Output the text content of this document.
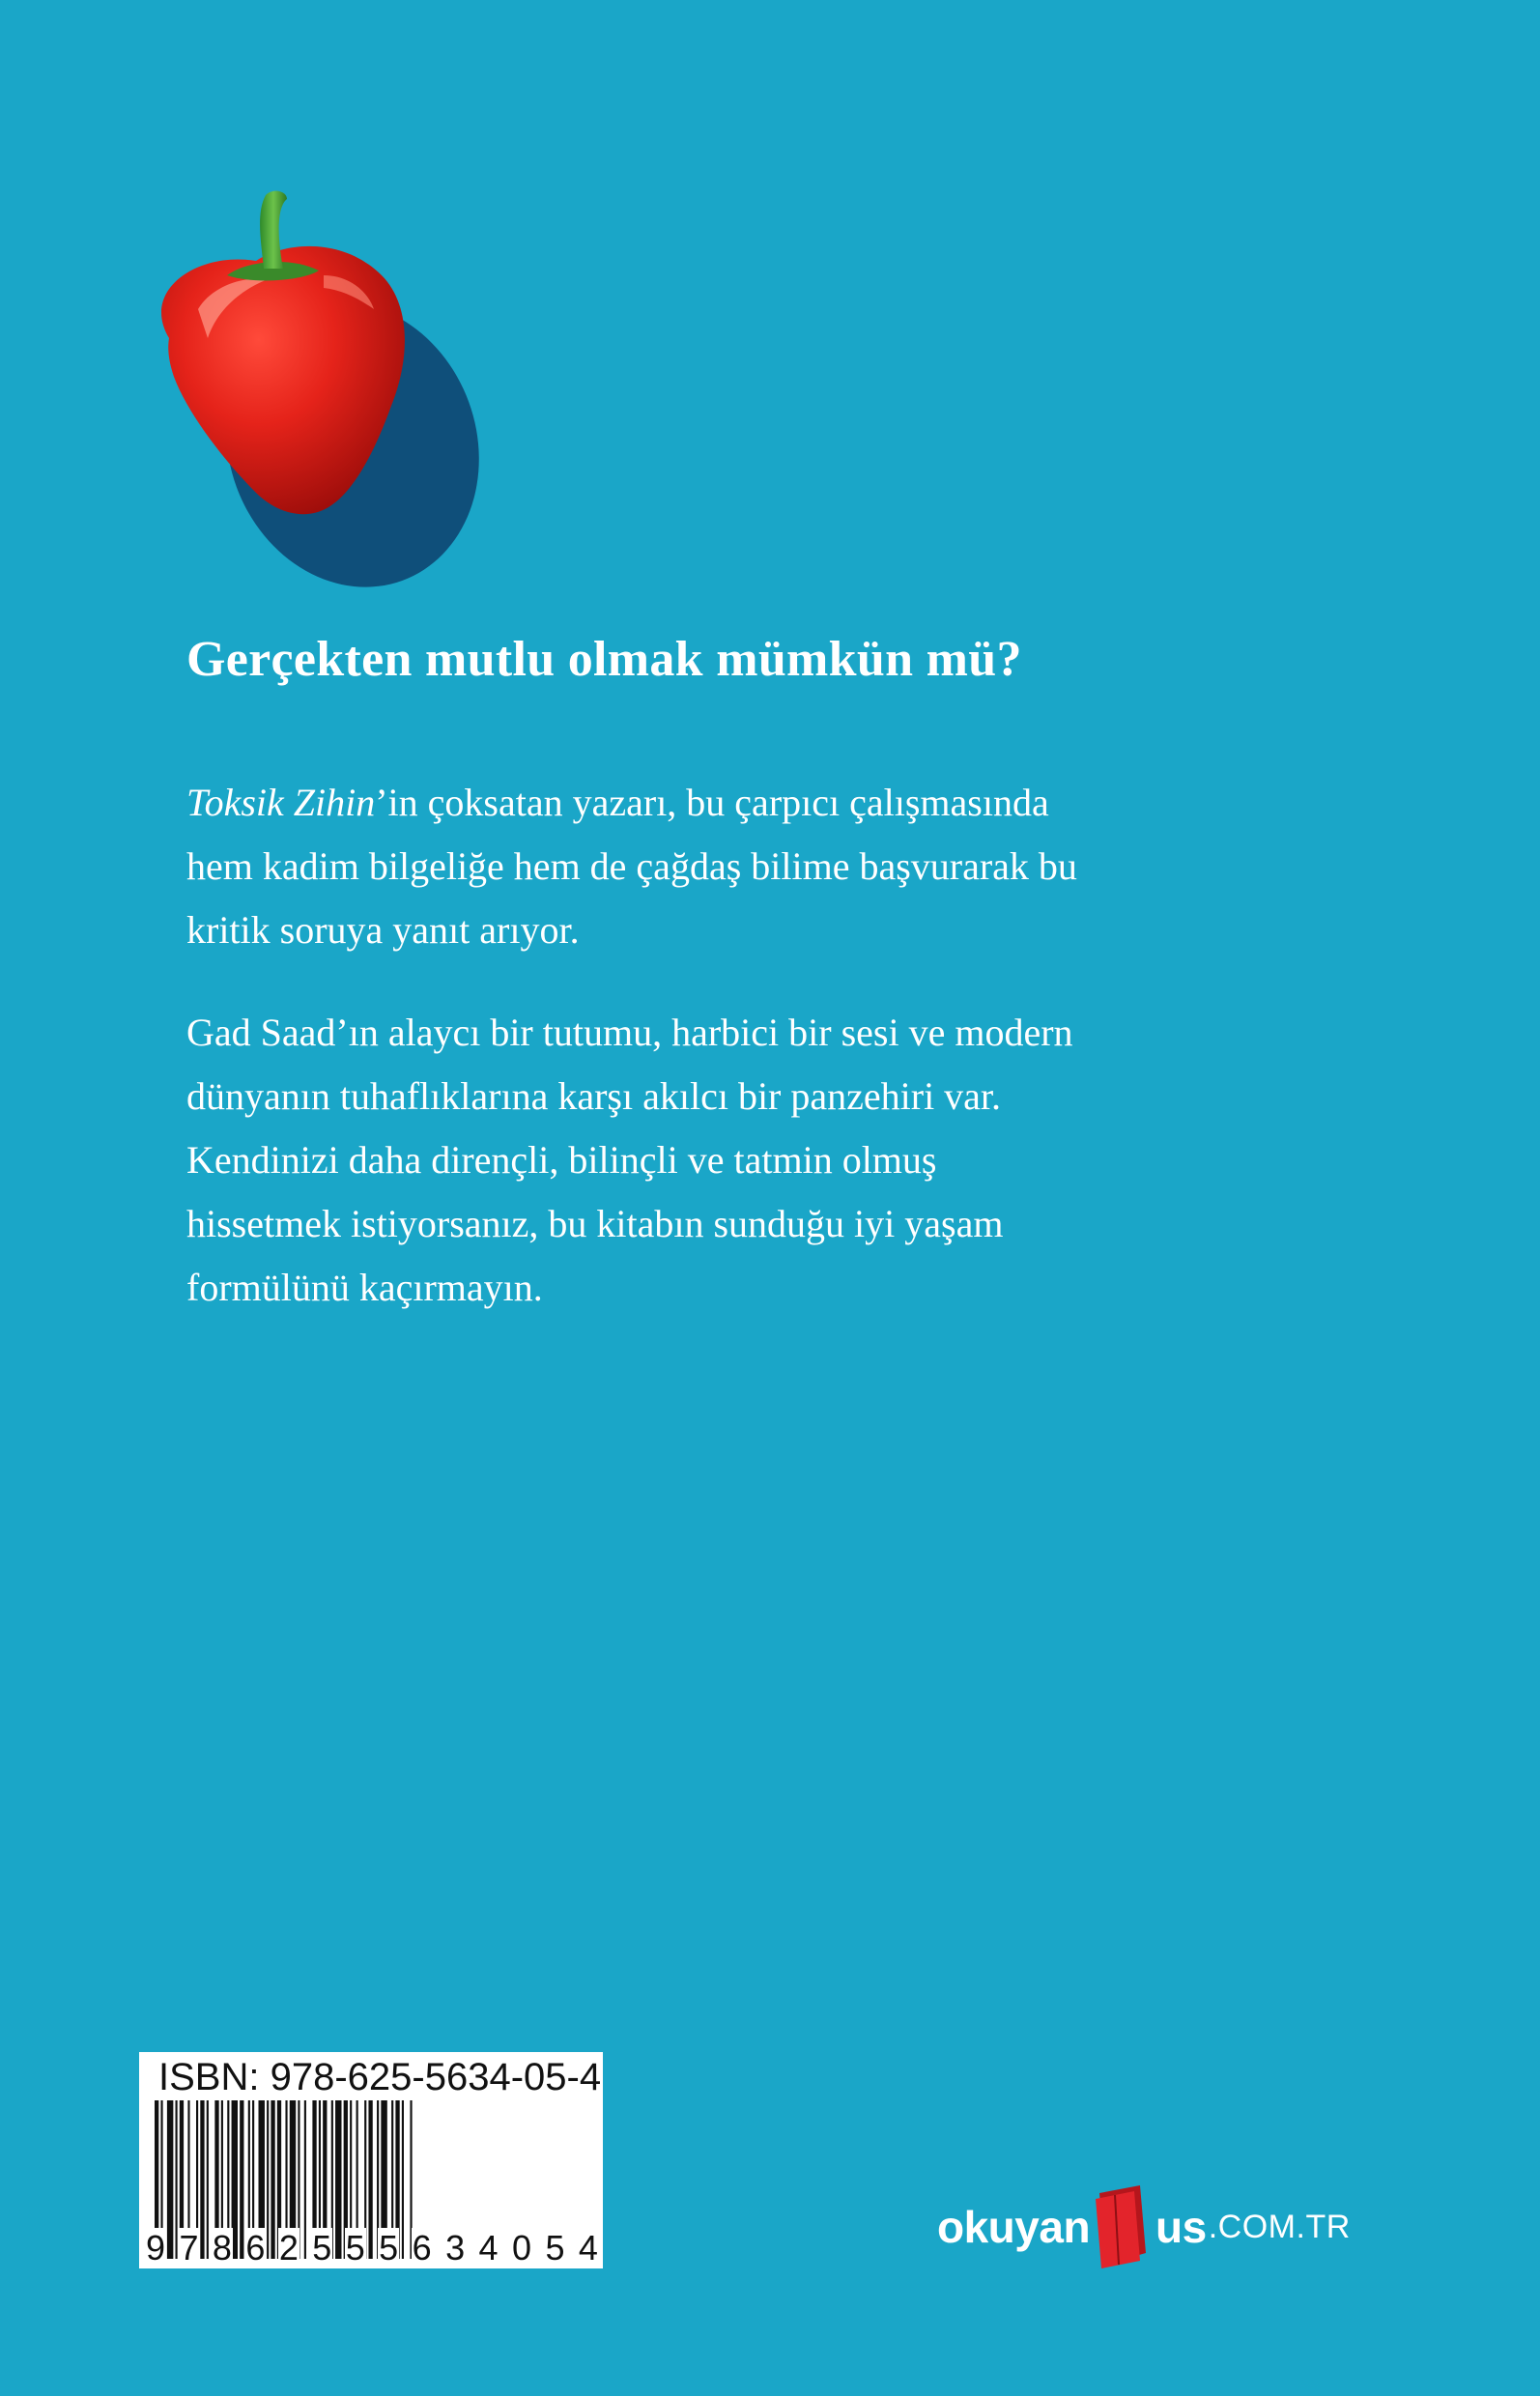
Gerçekten mutlu olmak mümkün mü?

Toksik Zihin’in çoksatan yazarı, bu çarpıcı çalışmasında
hem kadim bilgeliğe hem de çağdaş bilime başvurarak bu
kritik soruya yanıt arıyor.

Gad Saad’ın alaycı bir tutumu, harbici bir sesi ve modern
dünyanın tuhaflıklarına karşı akılcı bir panzehiri var.
Kendinizi daha dirençli, bilinçli ve tatmin olmuş
hissetmek istiyorsanız, bu kitabın sunduğu iyi yaşam
formülünü kaçırmayın.

ISBN: 978-625-5634-05-4
9 7 8 6 2 5 5 5 6 3 4 0 5 4	okuyan us .COM.TR
